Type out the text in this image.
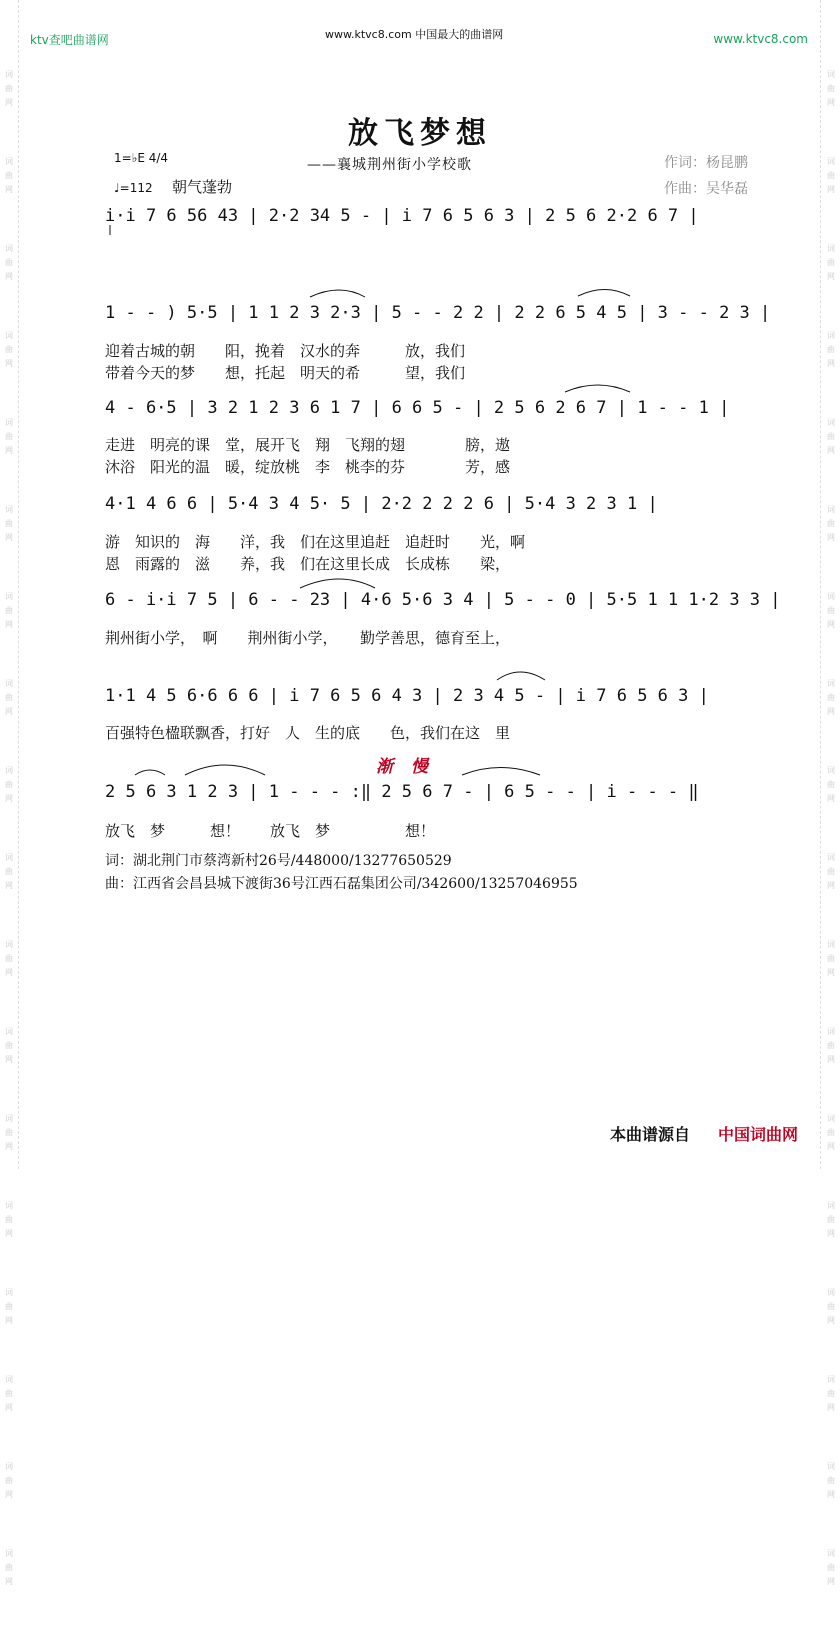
词
曲
网
词
曲
网
词
曲
网
词
曲
网
词
曲
网
词
曲
网
词
曲
网
词
曲
网
词
曲
网
词
曲
网
词
曲
网
词
曲
网
词
曲
网
词
曲
网
词
曲
网
词
曲
网
词
曲
网
词
曲
网
词
曲
网
词
曲
网
词
曲
网
词
曲
网
词
曲
网
词
曲
网
词
曲
网
词
曲
网
词
曲
网
词
曲
网
词
曲
网
词
曲
网
词
曲
网
词
曲
网
词
曲
网
词
曲
网
词
曲
网
词
曲
网
ktv查吧曲谱网	www.ktvc8.com 中国最大的曲谱网	www.ktvc8.com
放飞梦想
——襄城荆州街小学校歌	作词：杨昆鹏
作曲：吴华磊
1=♭E 4/4
♩=112 朝气蓬勃
i·i 7 6 56 43 | 2·2 34 5 - | i 7 6 5 6 3 | 2 5 6 2·2 6 7 |
1 - - ) 5·5 | 1 1 2 3 2·3 | 5 - - 2 2 | 2 2 6 5 4 5 | 3 - - 2 3 |
迎着古城的朝　　阳，挽着　汉水的奔　　　放，我们
带着今天的梦　　想，托起　明天的希　　　望，我们
4 - 6·5 | 3 2 1 2 3 6 1 7 | 6 6 5 - | 2 5 6 2 6 7 | 1 - - 1 |
走进　明亮的课　堂，展开飞　翔　飞翔的翅　　　　膀，遨
沐浴　阳光的温　暖，绽放桃　李　桃李的芬　　　　芳，感
4·1 4 6 6 | 5·4 3 4 5· 5 | 2·2 2 2 2 6 | 5·4 3 2 3 1 |
游　知识的　海　　洋，我　们在这里追赶　追赶时　　光，啊
恩　雨露的　滋　　养，我　们在这里长成　长成栋　　梁，
6 - i·i 7 5 | 6 - - 23 | 4·6 5·6 3 4 | 5 - - 0 | 5·5 1 1 1·2 3 3 |
荆州街小学，　啊　　荆州街小学，　　勤学善思，德育至上，
1·1 4 5 6·6 6 6 | i 7 6 5 6 4 3 | 2 3 4 5 - | i 7 6 5 6 3 |
百强特色楹联飘香，打好　人　生的底　　色，我们在这　里
渐 慢
2 5 6 3 1 2 3 | 1 - - - :‖ 2 5 6 7 - | 6 5 - - | i - - - ‖
放飞　梦　　　想！　　放飞　梦　　　　　想！
词：湖北荆门市蔡湾新村26号/448000/13277650529
曲：江西省会昌县城下渡街36号江西石磊集团公司/342600/13257046955
本曲谱源自 中国词曲网
